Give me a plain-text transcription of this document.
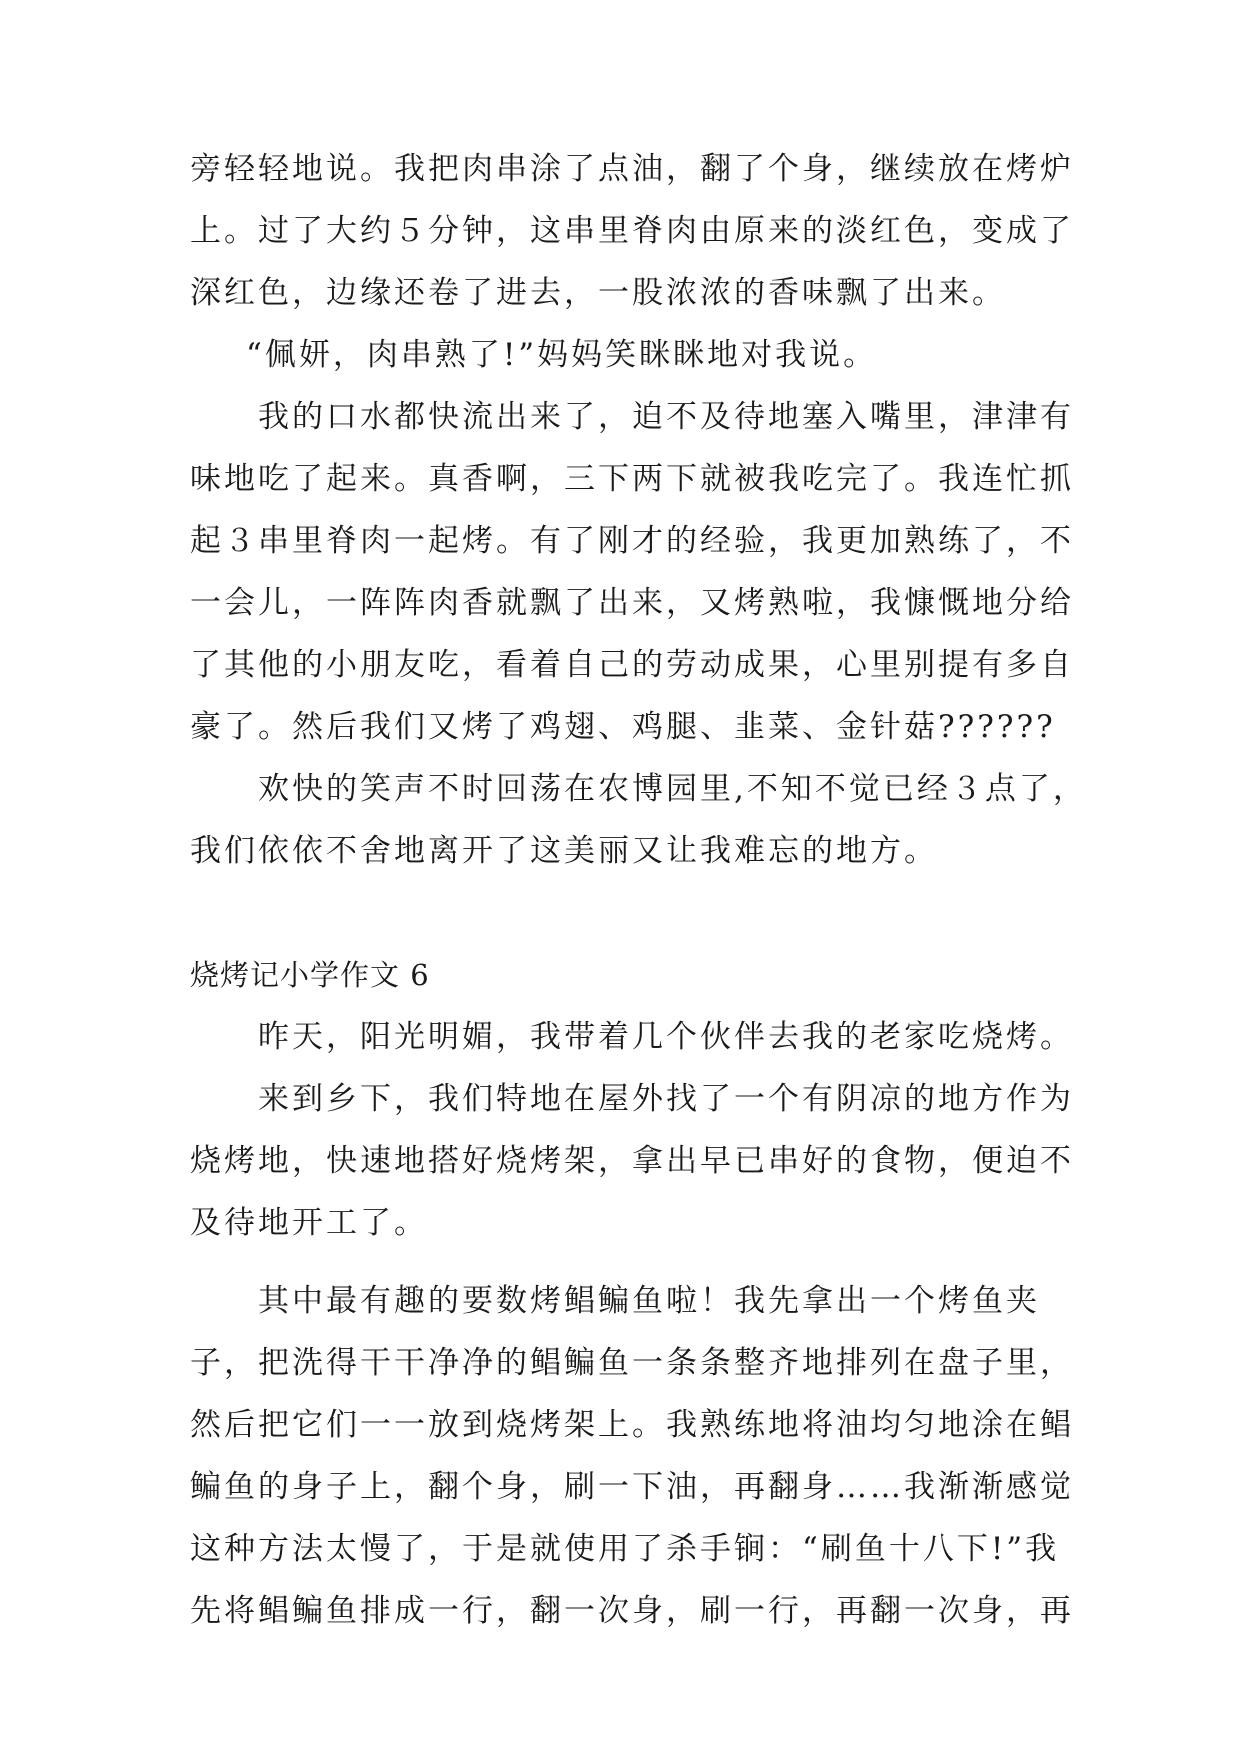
旁轻轻地说。我把肉串涂了点油，翻了个身，继续放在烤炉
上。过了大约５分钟，这串里脊肉由原来的淡红色，变成了
深红色，边缘还卷了进去，一股浓浓的香味飘了出来。
“佩妍，肉串熟了!”妈妈笑眯眯地对我说。
我的口水都快流出来了，迫不及待地塞入嘴里，津津有
味地吃了起来。真香啊，三下两下就被我吃完了。我连忙抓
起３串里脊肉一起烤。有了刚才的经验，我更加熟练了，不
一会儿，一阵阵肉香就飘了出来，又烤熟啦，我慷慨地分给
了其他的小朋友吃，看着自己的劳动成果，心里别提有多自
豪了。然后我们又烤了鸡翅、鸡腿、韭菜、金针菇??????
欢快的笑声不时回荡在农博园里,不知不觉已经３点了，
我们依依不舍地离开了这美丽又让我难忘的地方。
烧烤记小学作文 6
昨天，阳光明媚，我带着几个伙伴去我的老家吃烧烤。
来到乡下，我们特地在屋外找了一个有阴凉的地方作为
烧烤地，快速地搭好烧烤架，拿出早已串好的食物，便迫不
及待地开工了。
其中最有趣的要数烤鲳鳊鱼啦！我先拿出一个烤鱼夹
子，把洗得干干净净的鲳鳊鱼一条条整齐地排列在盘子里，
然后把它们一一放到烧烤架上。我熟练地将油均匀地涂在鲳
鳊鱼的身子上，翻个身，刷一下油，再翻身……我渐渐感觉
这种方法太慢了，于是就使用了杀手锏：“刷鱼十八下!”我
先将鲳鳊鱼排成一行，翻一次身，刷一行，再翻一次身，再
